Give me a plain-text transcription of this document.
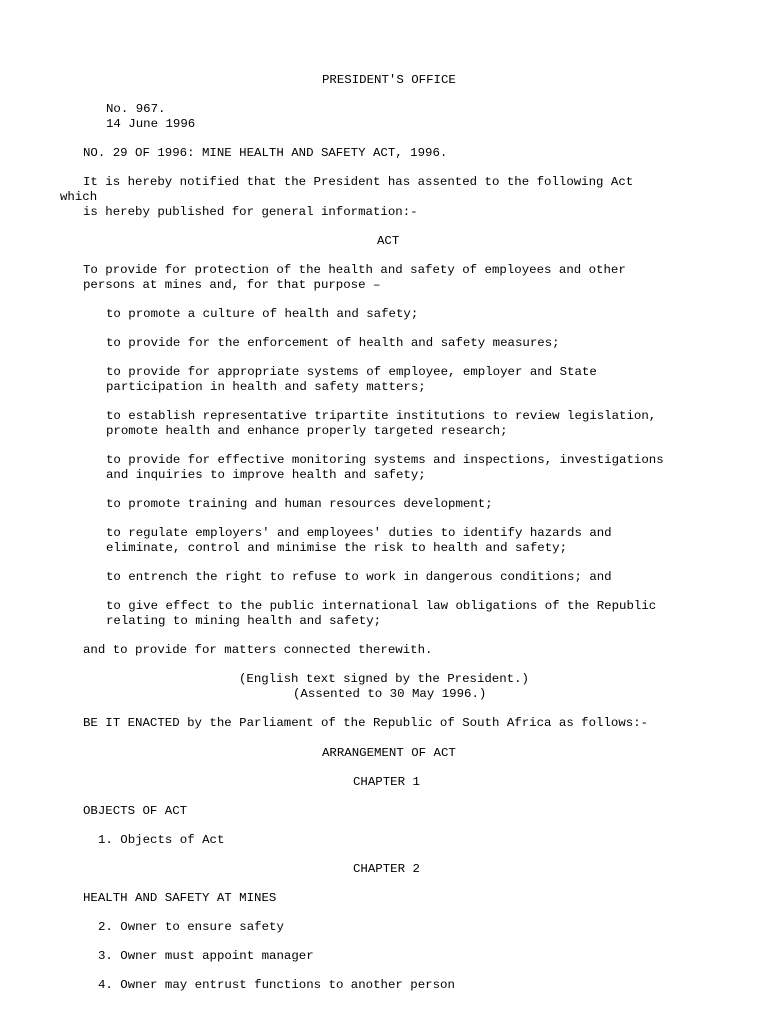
PRESIDENT'S OFFICE

No. 967.

14 June 1996

NO. 29 OF 1996: MINE HEALTH AND SAFETY ACT, 1996.

It is hereby notified that the President has assented to the following Act

which

is hereby published for general information:-

ACT

To provide for protection of the health and safety of employees and other

persons at mines and, for that purpose –

to promote a culture of health and safety;

to provide for the enforcement of health and safety measures;

to provide for appropriate systems of employee, employer and State

participation in health and safety matters;

to establish representative tripartite institutions to review legislation,

promote health and enhance properly targeted research;

to provide for effective monitoring systems and inspections, investigations

and inquiries to improve health and safety;

to promote training and human resources development;

to regulate employers' and employees' duties to identify hazards and

eliminate, control and minimise the risk to health and safety;

to entrench the right to refuse to work in dangerous conditions; and

to give effect to the public international law obligations of the Republic

relating to mining health and safety;

and to provide for matters connected therewith.

(English text signed by the President.)

(Assented to 30 May 1996.)

BE IT ENACTED by the Parliament of the Republic of South Africa as follows:-

ARRANGEMENT OF ACT

CHAPTER 1

OBJECTS OF ACT

1. Objects of Act

CHAPTER 2

HEALTH AND SAFETY AT MINES

2. Owner to ensure safety

3. Owner must appoint manager

4. Owner may entrust functions to another person
